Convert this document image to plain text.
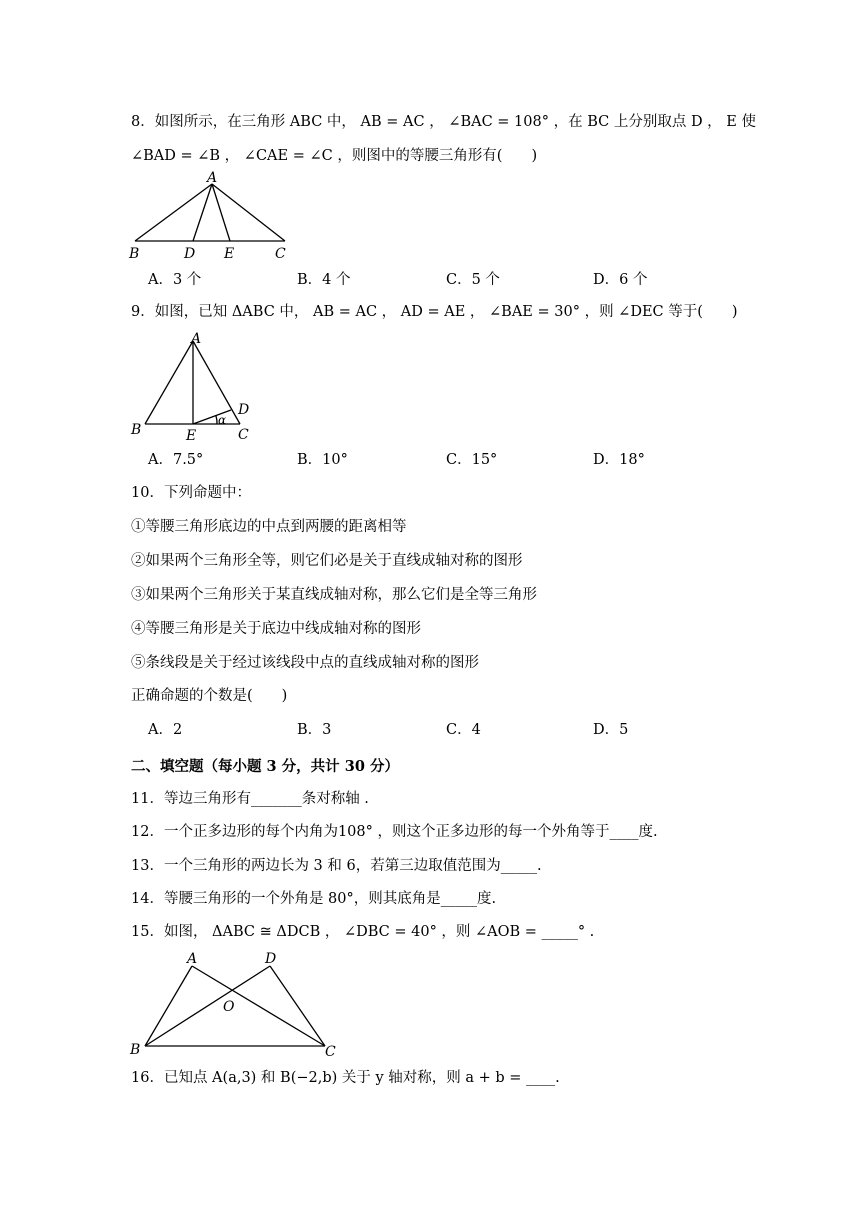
8．如图所示，在三角形 ABC 中， AB = AC ， ∠BAC = 108° ，在 BC 上分别取点 D ， E 使
∠BAD = ∠B ， ∠CAE = ∠C ，则图中的等腰三角形有(　　)
A
B	D E	C
A．3 个	B．4 个	C．5 个	D．6 个
9．如图，已知 ΔABC 中， AB = AC ， AD = AE ， ∠BAE = 30° ，则 ∠DEC 等于(　　)
A
B	E	C
D
α
A．7.5°	B．10°	C．15°	D．18°
10．下列命题中：
①等腰三角形底边的中点到两腰的距离相等
②如果两个三角形全等，则它们必是关于直线成轴对称的图形
③如果两个三角形关于某直线成轴对称，那么它们是全等三角形
④等腰三角形是关于底边中线成轴对称的图形
⑤条线段是关于经过该线段中点的直线成轴对称的图形
正确命题的个数是(　　)
A．2	B．3	C．4	D．5
二、填空题（每小题 3 分，共计 30 分）
11．等边三角形有_______条对称轴 .
12．一个正多边形的每个内角为108° ，则这个正多边形的每一个外角等于____度.
13．一个三角形的两边长为 3 和 6，若第三边取值范围为_____.
14．等腰三角形的一个外角是 80°，则其底角是_____度.
15．如图， ΔABC ≅ ΔDCB ， ∠DBC = 40° ，则 ∠AOB = _____° .
A	D
O
B	C
16．已知点 A(a,3) 和 B(−2,b) 关于 y 轴对称，则 a + b = ____.
